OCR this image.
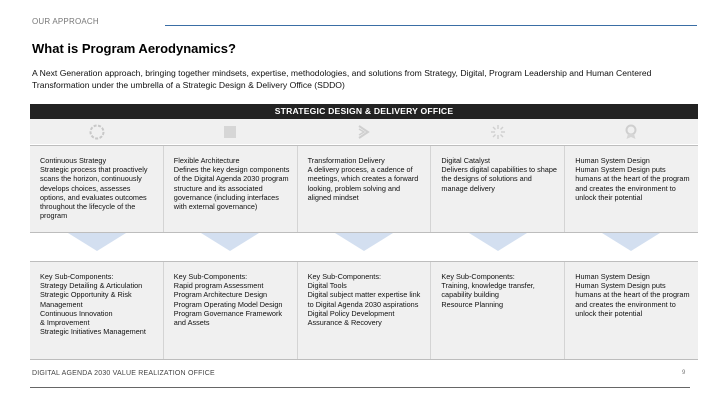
OUR APPROACH
What is Program Aerodynamics?
A Next Generation approach, bringing together mindsets, expertise, methodologies, and solutions from Strategy, Digital, Program Leadership and Human Centered Transformation under the umbrella of a Strategic Design & Delivery Office (SDDO)
STRATEGIC DESIGN & DELIVERY OFFICE

Continuous Strategy

Strategic process that proactively scans the horizon, continuously develops choices, assesses options, and evaluates outcomes throughout the lifecycle of the program

Flexible Architecture

Defines the key design components of the Digital Agenda 2030 program structure and its associated governance (including interfaces with external governance)

Transformation Delivery

A delivery process, a cadence of meetings, which creates a forward looking, problem solving and aligned mindset

Digital Catalyst

Delivers digital capabilities to shape the designs of solutions and manage delivery

Human System Design

Human System Design puts humans at the heart of the program and creates the environment to unlock their potential

Key Sub-Components:

Strategy Detailing & Articulation

Strategic Opportunity & Risk Management

Continuous Innovation

& Improvement

Strategic Initiatives Management

Key Sub-Components:

Rapid program Assessment

Program Architecture Design

Program Operating Model Design

Program Governance Framework and Assets

Key Sub-Components:

Digital Tools

Digital subject matter expertise link to Digital Agenda 2030 aspirations

Digital Policy Development

Assurance & Recovery

Key Sub-Components:

Training, knowledge transfer, capability building

Resource Planning

Human System Design

Human System Design puts humans at the heart of the program and creates the environment to unlock their potential

DIGITAL AGENDA 2030 VALUE REALIZATION OFFICE	9
